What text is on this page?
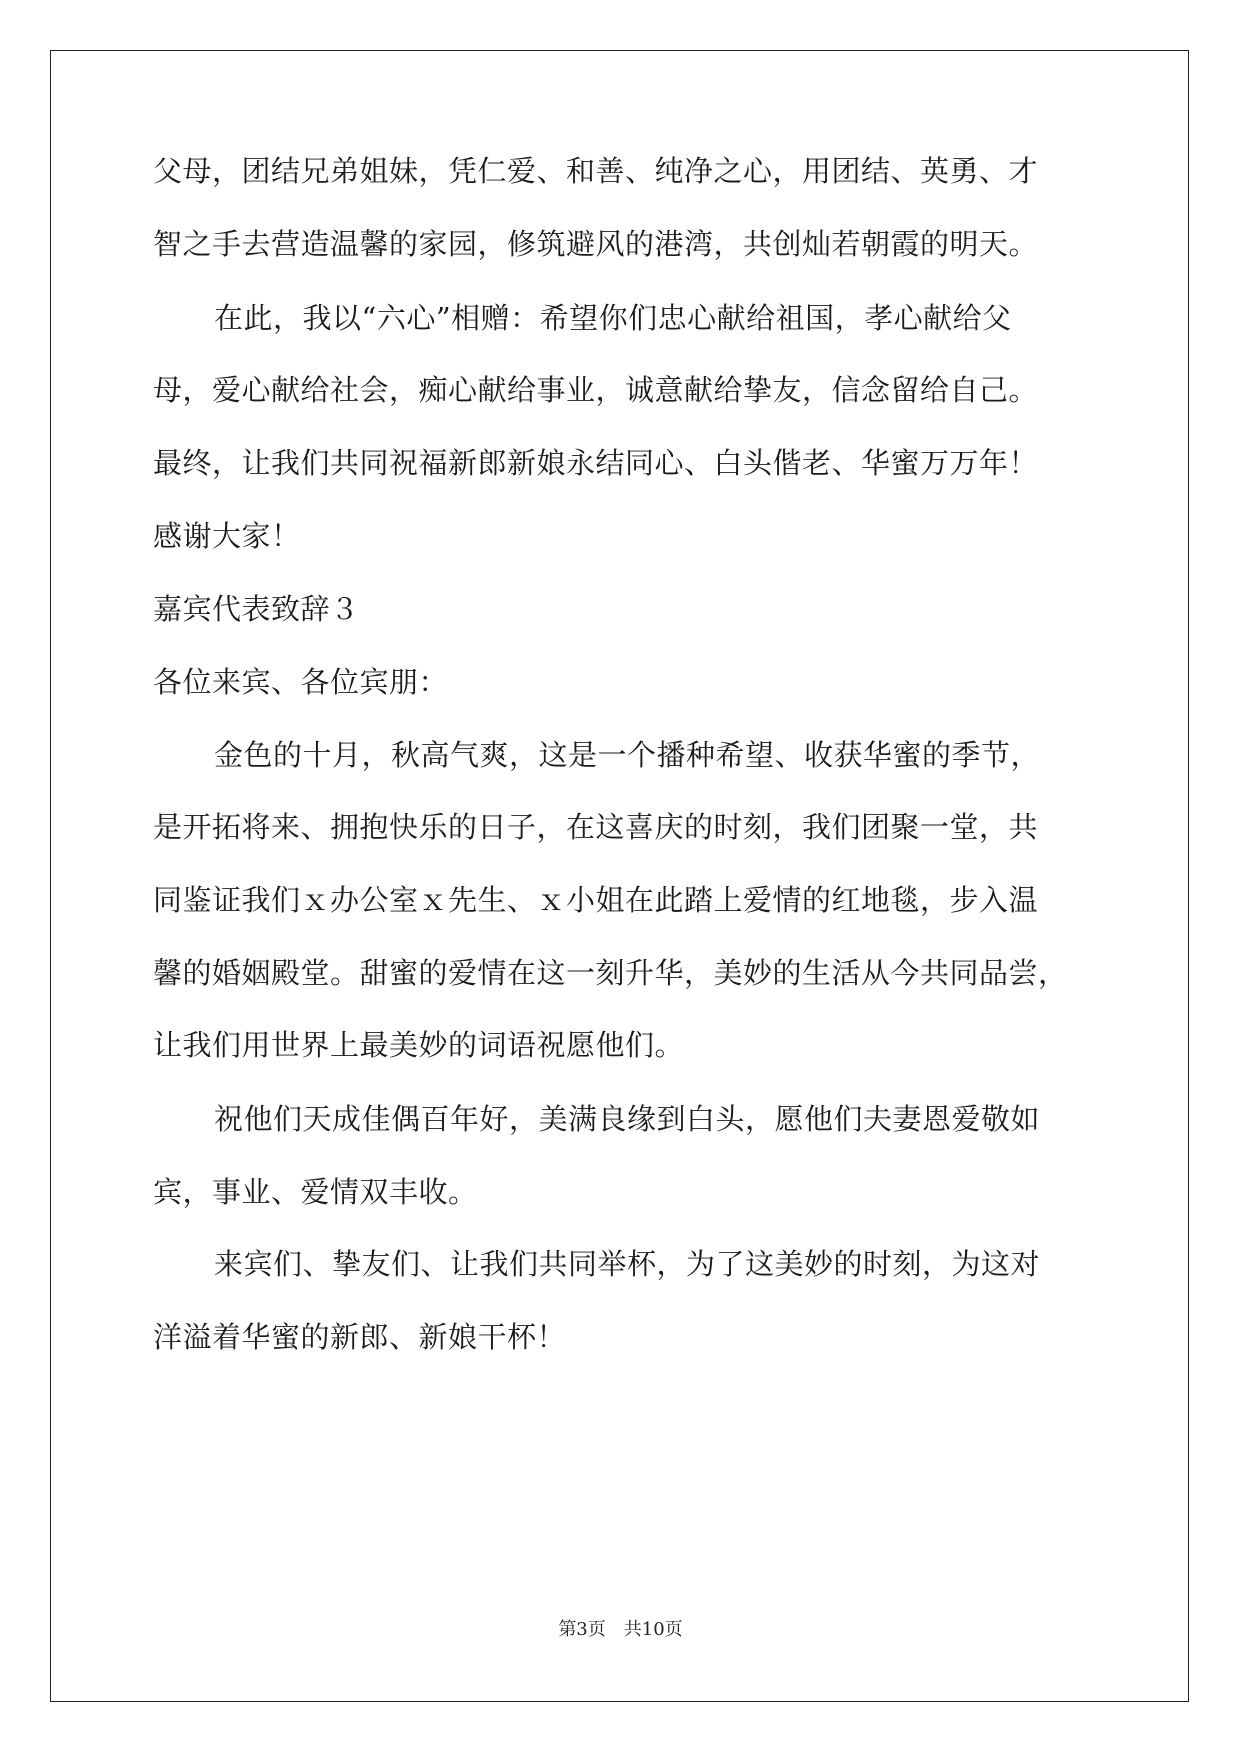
父母，团结兄弟姐妹，凭仁爱、和善、纯净之心，用团结、英勇、才
智之手去营造温馨的家园，修筑避风的港湾，共创灿若朝霞的明天。
在此，我以“六心”相赠：希望你们忠心献给祖国，孝心献给父
母，爱心献给社会，痴心献给事业，诚意献给挚友，信念留给自己。
最终，让我们共同祝福新郎新娘永结同心、白头偕老、华蜜万万年！
感谢大家！
嘉宾代表致辞３
各位来宾、各位宾朋：
金色的十月，秋高气爽，这是一个播种希望、收获华蜜的季节，
是开拓将来、拥抱快乐的日子，在这喜庆的时刻，我们团聚一堂，共
同鉴证我们ｘ办公室ｘ先生、ｘ小姐在此踏上爱情的红地毯，步入温
馨的婚姻殿堂。甜蜜的爱情在这一刻升华，美妙的生活从今共同品尝，
让我们用世界上最美妙的词语祝愿他们。
祝他们天成佳偶百年好，美满良缘到白头，愿他们夫妻恩爱敬如
宾，事业、爱情双丰收。
来宾们、挚友们、让我们共同举杯，为了这美妙的时刻，为这对
洋溢着华蜜的新郎、新娘干杯！
第3页　共10页
